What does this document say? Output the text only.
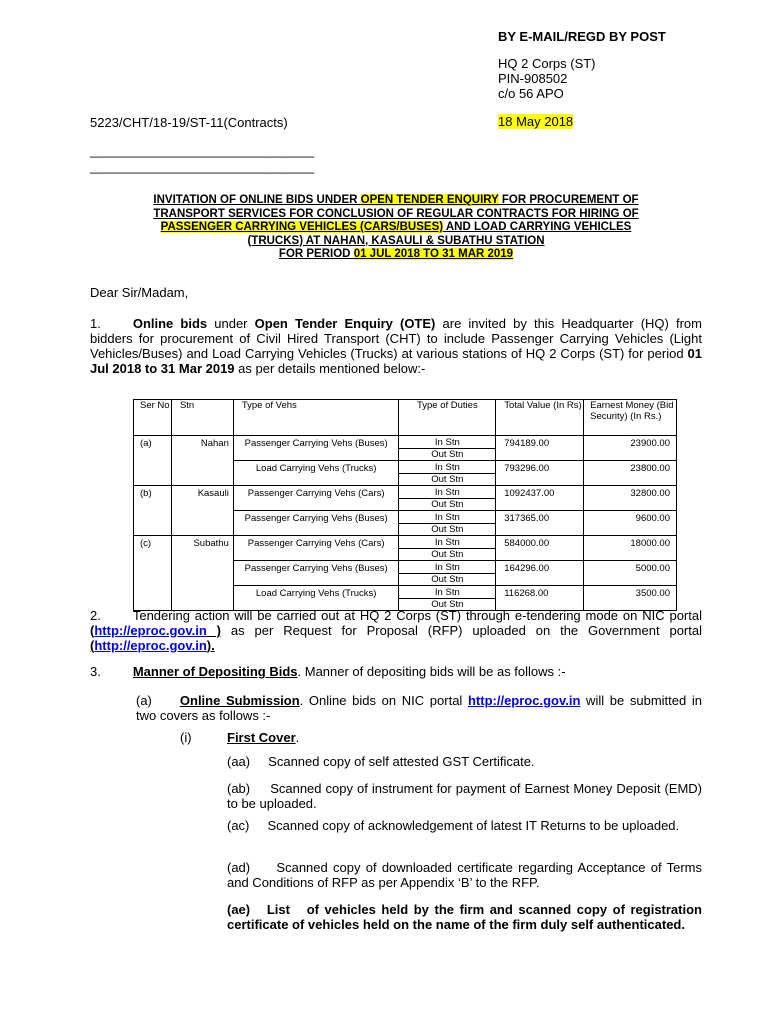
BY E-MAIL/REGD BY POST
HQ 2 Corps (ST)
PIN-908502
c/o 56 APO
5223/CHT/18-19/ST-11(Contracts)	18 May 2018
_______________________________
_______________________________
INVITATION OF ONLINE BIDS UNDER OPEN TENDER ENQUIRY FOR PROCUREMENT OF
TRANSPORT SERVICES FOR CONCLUSION OF REGULAR CONTRACTS FOR HIRING OF
PASSENGER CARRYING VEHICLES (CARS/BUSES) AND LOAD CARRYING VEHICLES
(TRUCKS) AT NAHAN, KASAULI & SUBATHU STATION
FOR PERIOD 01 JUL 2018 TO 31 MAR 2019
Dear Sir/Madam,
1. Online bids under Open Tender Enquiry (OTE) are invited by this Headquarter (HQ) from bidders for procurement of Civil Hired Transport (CHT) to include Passenger Carrying Vehicles (Light Vehicles/Buses) and Load Carrying Vehicles (Trucks) at various stations of HQ 2 Corps (ST) for period 01 Jul 2018 to 31 Mar 2019 as per details mentioned below:-
Ser No	Stn	Type of Vehs	Type of Duties	Total Value (In Rs)	Earnest Money (Bid Security) (In Rs.)
(a)	Nahan	Passenger Carrying Vehs (Buses)	In Stn
Out Stn	794189.00	23900.00
		Load Carrying Vehs (Trucks)	In Stn
Out Stn	793296.00	23800.00
(b)	Kasauli	Passenger Carrying Vehs (Cars)	In Stn
Out Stn	1092437.00	32800.00
		Passenger Carrying Vehs (Buses)	In Stn
Out Stn	317365.00	9600.00
(c)	Subathu	Passenger Carrying Vehs (Cars)	In Stn
Out Stn	584000.00	18000.00
		Passenger Carrying Vehs (Buses)	In Stn
Out Stn	164296.00	5000.00
		Load Carrying Vehs (Trucks)	In Stn
Out Stn	116268.00	3500.00
2. Tendering action will be carried out at HQ 2 Corps (ST) through e-tendering mode on NIC portal (http://eproc.gov.in ) as per Request for Proposal (RFP) uploaded on the Government portal (http://eproc.gov.in).
3. Manner of Depositing Bids. Manner of depositing bids will be as follows :-
(a) Online Submission. Online bids on NIC portal http://eproc.gov.in will be submitted in two covers as follows :-
(i)	First Cover.
(aa)     Scanned copy of self attested GST Certificate.
(ab)     Scanned copy of instrument for payment of Earnest Money Deposit (EMD) to be uploaded.
(ac)     Scanned copy of acknowledgement of latest IT Returns to be uploaded.
(ad)     Scanned copy of downloaded certificate regarding Acceptance of Terms and Conditions of RFP as per Appendix ‘B’ to the RFP.
(ae)   List   of vehicles held by the firm and scanned copy of registration certificate of vehicles held on the name of the firm duly self authenticated.
